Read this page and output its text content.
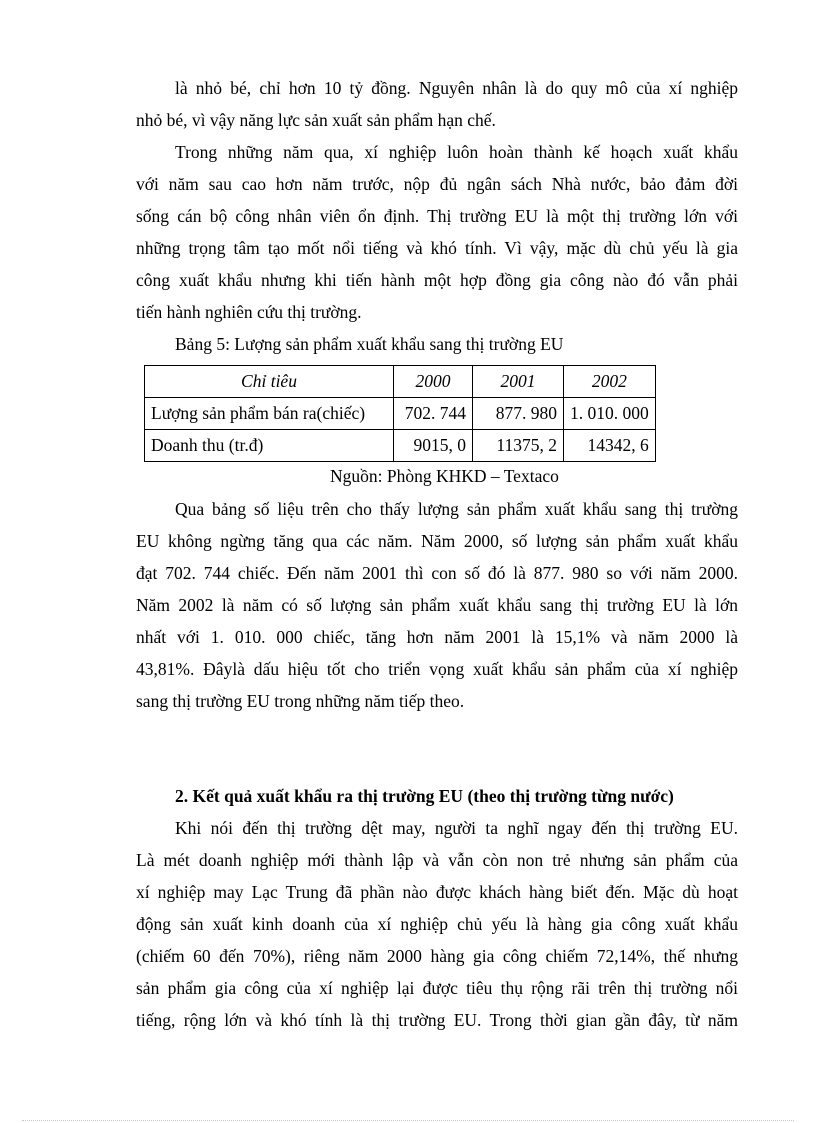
là nhỏ bé, chỉ hơn 10 tỷ đồng. Nguyên nhân là do quy mô của xí nghiệp
nhỏ bé, vì vậy năng lực sản xuất sản phẩm hạn chế.
Trong những năm qua, xí nghiệp luôn hoàn thành kế hoạch xuất khẩu
với năm sau cao hơn năm trước, nộp đủ ngân sách Nhà nước, bảo đảm đời
sống cán bộ công nhân viên ổn định. Thị trường EU là một thị trường lớn với
những trọng tâm tạo mốt nổi tiếng và khó tính. Vì vậy, mặc dù chủ yếu là gia
công xuất khẩu nhưng khi tiến hành một hợp đồng gia công nào đó vẫn phải
tiến hành nghiên cứu thị trường.
Bảng 5: Lượng sản phẩm xuất khẩu sang thị trường EU
Chỉ tiêu	2000	2001	2002
Lượng sản phẩm bán ra(chiếc)	702. 744	877. 980	1. 010. 000
Doanh thu (tr.đ)	9015, 0	11375, 2	14342, 6
Nguồn: Phòng KHKD – Textaco
Qua bảng số liệu trên cho thấy lượng sản phẩm xuất khẩu sang thị trường
EU không ngừng tăng qua các năm. Năm 2000, số lượng sản phẩm xuất khẩu
đạt 702. 744 chiếc. Đến năm 2001 thì con số đó là 877. 980 so với năm 2000.
Năm 2002 là năm có số lượng sản phẩm xuất khẩu sang thị trường EU là lớn
nhất với 1. 010. 000 chiếc, tăng hơn năm 2001 là 15,1% và năm 2000 là
43,81%. Đâylà dấu hiệu tốt cho triển vọng xuất khẩu sản phẩm của xí nghiệp
sang thị trường EU trong những năm tiếp theo.
2. Kết quả xuất khẩu ra thị trường EU (theo thị trường từng nước)
Khi nói đến thị trường dệt may, người ta nghĩ ngay đến thị trường EU.
Là mét doanh nghiệp mới thành lập và vẫn còn non trẻ nhưng sản phẩm của
xí nghiệp may Lạc Trung đã phần nào được khách hàng biết đến. Mặc dù hoạt
động sản xuất kinh doanh của xí nghiệp chủ yếu là hàng gia công xuất khẩu
(chiếm 60 đến 70%), riêng năm 2000 hàng gia công chiếm 72,14%, thế nhưng
sản phẩm gia công của xí nghiệp lại được tiêu thụ rộng rãi trên thị trường nổi
tiếng, rộng lớn và khó tính là thị trường EU. Trong thời gian gần đây, từ năm
